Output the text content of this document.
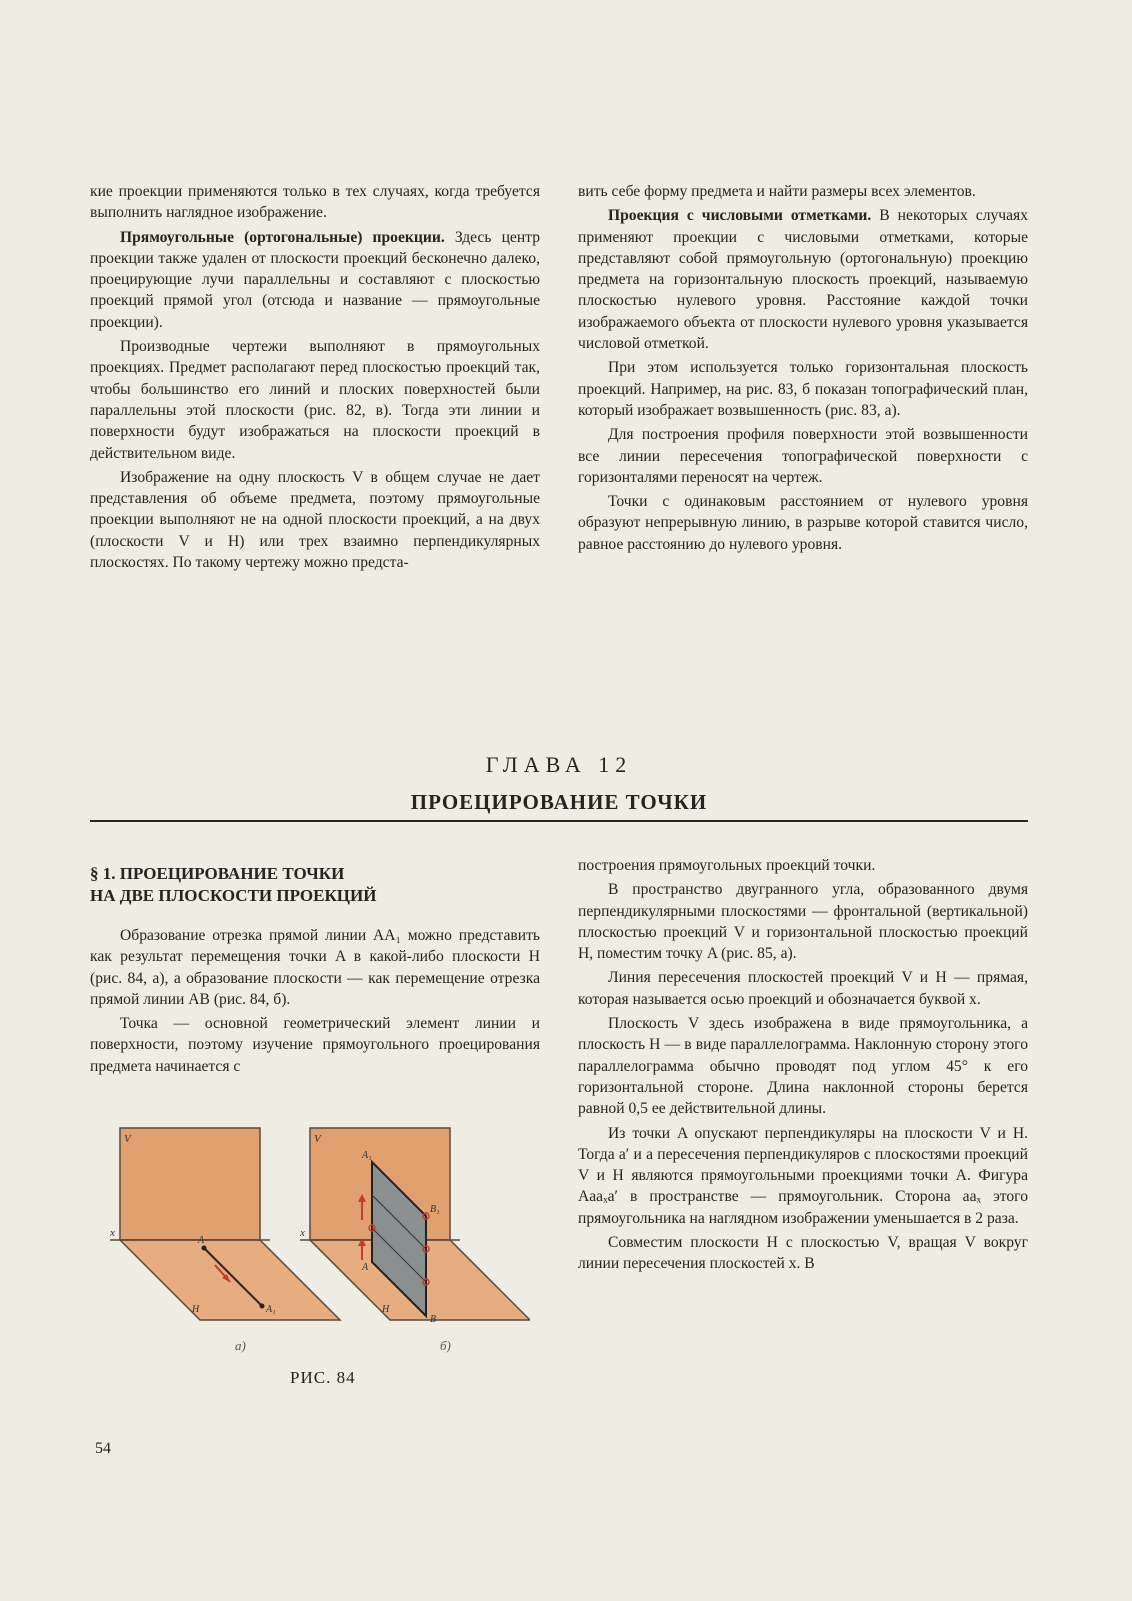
кие проекции применяются только в тех случаях, когда требуется выполнить наглядное изображение.

Прямоугольные (ортогональные) проекции. Здесь центр проекции также удален от плоскости проекций бесконечно далеко, проецирующие лучи параллельны и составляют с плоскостью проекций прямой угол (отсюда и название — прямоугольные проекции).

Производные чертежи выполняют в прямоугольных проекциях. Предмет располагают перед плоскостью проекций так, чтобы большинство его линий и плоских поверхностей были параллельны этой плоскости (рис. 82, в). Тогда эти линии и поверхности будут изображаться на плоскости проекций в действительном виде.

Изображение на одну плоскость V в общем случае не дает представления об объеме предмета, поэтому прямоугольные проекции выполняют не на одной плоскости проекций, а на двух (плоскости V и H) или трех взаимно перпендикулярных плоскостях. По такому чертежу можно предста-

вить себе форму предмета и найти размеры всех элементов.

Проекция с числовыми отметками. В некоторых случаях применяют проекции с числовыми отметками, которые представляют собой прямоугольную (ортогональную) проекцию предмета на горизонтальную плоскость проекций, называемую плоскостью нулевого уровня. Расстояние каждой точки изображаемого объекта от плоскости нулевого уровня указывается числовой отметкой.

При этом используется только горизонтальная плоскость проекций. Например, на рис. 83, б показан топографический план, который изображает возвышенность (рис. 83, а).

Для построения профиля поверхности этой возвышенности все линии пересечения топографической поверхности с горизонталями переносят на чертеж.

Точки с одинаковым расстоянием от нулевого уровня образуют непрерывную линию, в разрыве которой ставится число, равное расстоянию до нулевого уровня.

ГЛАВА 12
ПРОЕЦИРОВАНИЕ ТОЧКИ
§ 1. ПРОЕЦИРОВАНИЕ ТОЧКИ
НА ДВЕ ПЛОСКОСТИ ПРОЕКЦИЙ

Образование отрезка прямой линии AA₁ можно представить как результат перемещения точки A в какой-либо плоскости H (рис. 84, а), а образование плоскости — как перемещение отрезка прямой линии AB (рис. 84, б).

Точка — основной геометрический элемент линии и поверхности, поэтому изучение прямоугольного проецирования предмета начинается с

построения прямоугольных проекций точки.

В пространство двугранного угла, образованного двумя перпендикулярными плоскостями — фронтальной (вертикальной) плоскостью проекций V и горизонтальной плоскостью проекций H, поместим точку A (рис. 85, а).

Линия пересечения плоскостей проекций V и H — прямая, которая называется осью проекций и обозначается буквой x.

Плоскость V здесь изображена в виде прямоугольника, а плоскость H — в виде параллелограмма. Наклонную сторону этого параллелограмма обычно проводят под углом 45° к его горизонтальной стороне. Длина наклонной стороны берется равной 0,5 ее действительной длины.

Из точки A опускают перпендикуляры на плоскости V и H. Тогда a′ и a пересечения перпендикуляров с плоскостями проекций V и H являются прямоугольными проекциями точки A. Фигура Aaaₓa′ в пространстве — прямоугольник. Сторона aaₓ этого прямоугольника на наглядном изображении уменьшается в 2 раза.

Совместим плоскости H с плоскостью V, вращая V вокруг линии пересечения плоскостей x. В

V
x
H
A
A₁
V
x
H
A₁
B₁
A
B
а)	б)
РИС. 84
54
